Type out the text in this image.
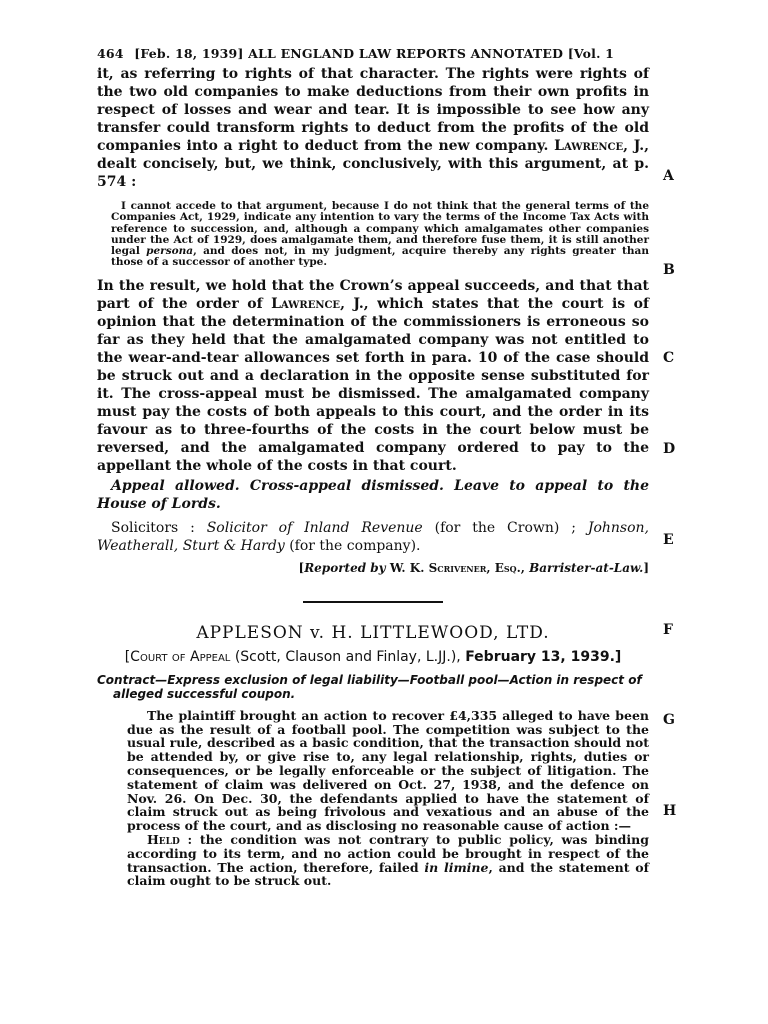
464 [Feb. 18, 1939] ALL ENGLAND LAW REPORTS ANNOTATED [Vol. 1

it, as referring to rights of that character. The rights were rights of the two old companies to make deductions from their own profits in respect of losses and wear and tear. It is impossible to see how any transfer could transform rights to deduct from the profits of the old companies into a right to deduct from the new company. Lawrence, J., dealt concisely, but, we think, conclusively, with this argument, at p. 574 :

I cannot accede to that argument, because I do not think that the general terms of the Companies Act, 1929, indicate any intention to vary the terms of the Income Tax Acts with reference to succession, and, although a company which amalgamates other companies under the Act of 1929, does amalgamate them, and therefore fuse them, it is still another legal persona, and does not, in my judgment, acquire thereby any rights greater than those of a successor of another type.

In the result, we hold that the Crown’s appeal succeeds, and that that part of the order of Lawrence, J., which states that the court is of opinion that the determination of the commissioners is erroneous so far as they held that the amalgamated company was not entitled to the wear-and-tear allowances set forth in para. 10 of the case should be struck out and a declaration in the opposite sense substituted for it. The cross-appeal must be dismissed. The amalgamated company must pay the costs of both appeals to this court, and the order in its favour as to three-fourths of the costs in the court below must be reversed, and the amalgamated company ordered to pay to the appellant the whole of the costs in that court.

Appeal allowed. Cross-appeal dismissed. Leave to appeal to the House of Lords.

Solicitors : Solicitor of Inland Revenue (for the Crown) ; Johnson, Weatherall, Sturt & Hardy (for the company).

[Reported by W. K. Scrivener, Esq., Barrister-at-Law.]
APPLESON v. H. LITTLEWOOD, LTD.
[Court of Appeal (Scott, Clauson and Finlay, L.JJ.), February 13, 1939.]
Contract—Express exclusion of legal liability—Football pool—Action in respect of alleged successful coupon.

The plaintiff brought an action to recover £4,335 alleged to have been due as the result of a football pool. The competition was subject to the usual rule, described as a basic condition, that the transaction should not be attended by, or give rise to, any legal relationship, rights, duties or consequences, or be legally enforceable or the subject of litigation. The statement of claim was delivered on Oct. 27, 1938, and the defence on Nov. 26. On Dec. 30, the defendants applied to have the statement of claim struck out as being frivolous and vexatious and an abuse of the process of the court, and as disclosing no reasonable cause of action :—

Held : the condition was not contrary to public policy, was binding according to its term, and no action could be brought in respect of the transaction. The action, therefore, failed in limine, and the statement of claim ought to be struck out.

A
B
C
D
E
F
G
H
